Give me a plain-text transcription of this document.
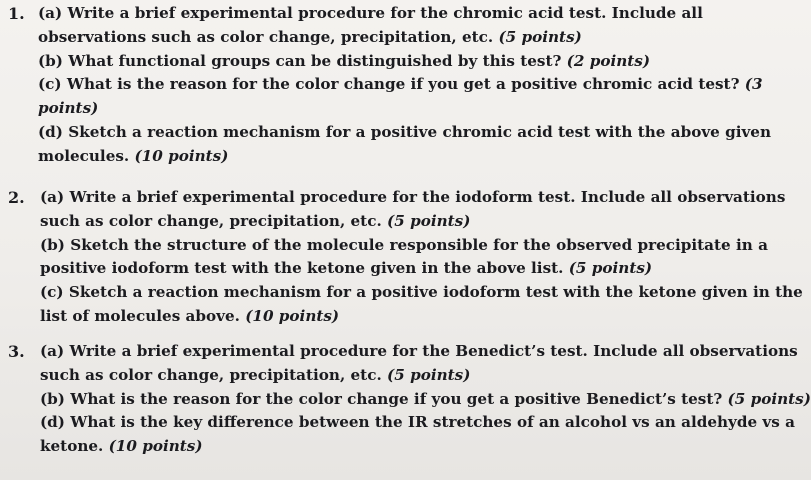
1. (a) Write a brief experimental procedure for the chromic acid test. Include all
observations such as color change, precipitation, etc. (5 points)
(b) What functional groups can be distinguished by this test? (2 points)
(c) What is the reason for the color change if you get a positive chromic acid test? (3
points)
(d) Sketch a reaction mechanism for a positive chromic acid test with the above given
molecules. (10 points)
2. (a) Write a brief experimental procedure for the iodoform test. Include all observations
such as color change, precipitation, etc. (5 points)
(b) Sketch the structure of the molecule responsible for the observed precipitate in a
positive iodoform test with the ketone given in the above list. (5 points)
(c) Sketch a reaction mechanism for a positive iodoform test with the ketone given in the
list of molecules above. (10 points)
3. (a) Write a brief experimental procedure for the Benedict’s test. Include all observations
such as color change, precipitation, etc. (5 points)
(b) What is the reason for the color change if you get a positive Benedict’s test? (5 points)
(d) What is the key difference between the IR stretches of an alcohol vs an aldehyde vs a
ketone. (10 points)
